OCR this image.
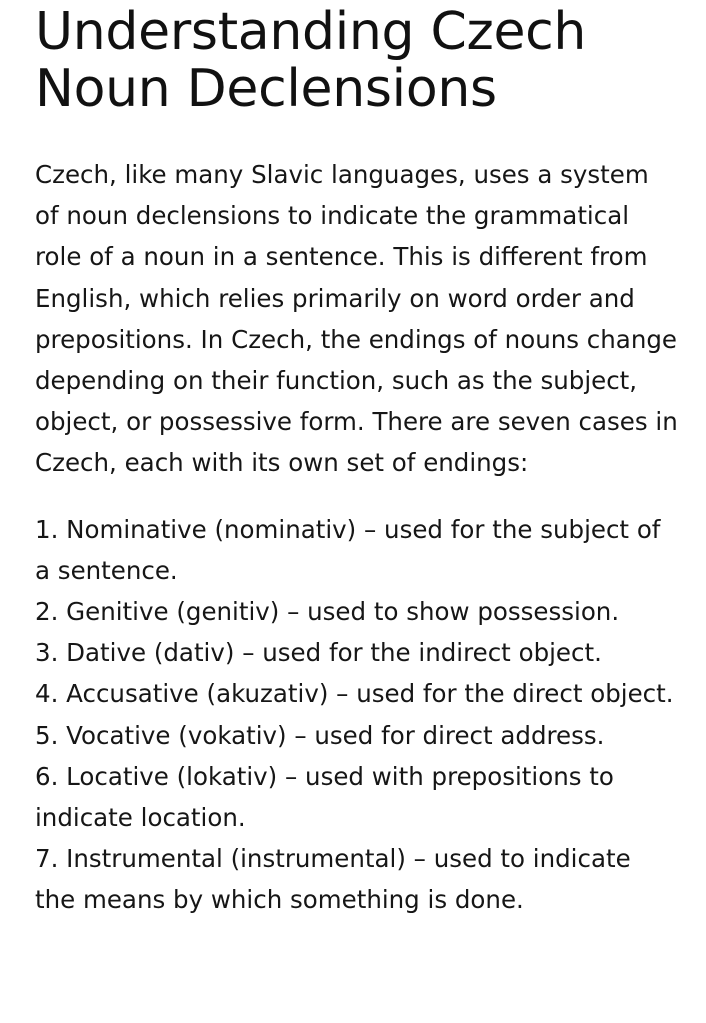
Understanding Czech Noun Declensions

Czech, like many Slavic languages, uses a system of noun declensions to indicate the grammatical role of a noun in a sentence. This is different from English, which relies primarily on word order and prepositions. In Czech, the endings of nouns change depending on their function, such as the subject, object, or possessive form. There are seven cases in Czech, each with its own set of endings:

1. Nominative (nominativ) – used for the subject of a sentence.
2. Genitive (genitiv) – used to show possession.
3. Dative (dativ) – used for the indirect object.
4. Accusative (akuzativ) – used for the direct object.
5. Vocative (vokativ) – used for direct address.
6. Locative (lokativ) – used with prepositions to indicate location.
7. Instrumental (instrumental) – used to indicate the means by which something is done.
